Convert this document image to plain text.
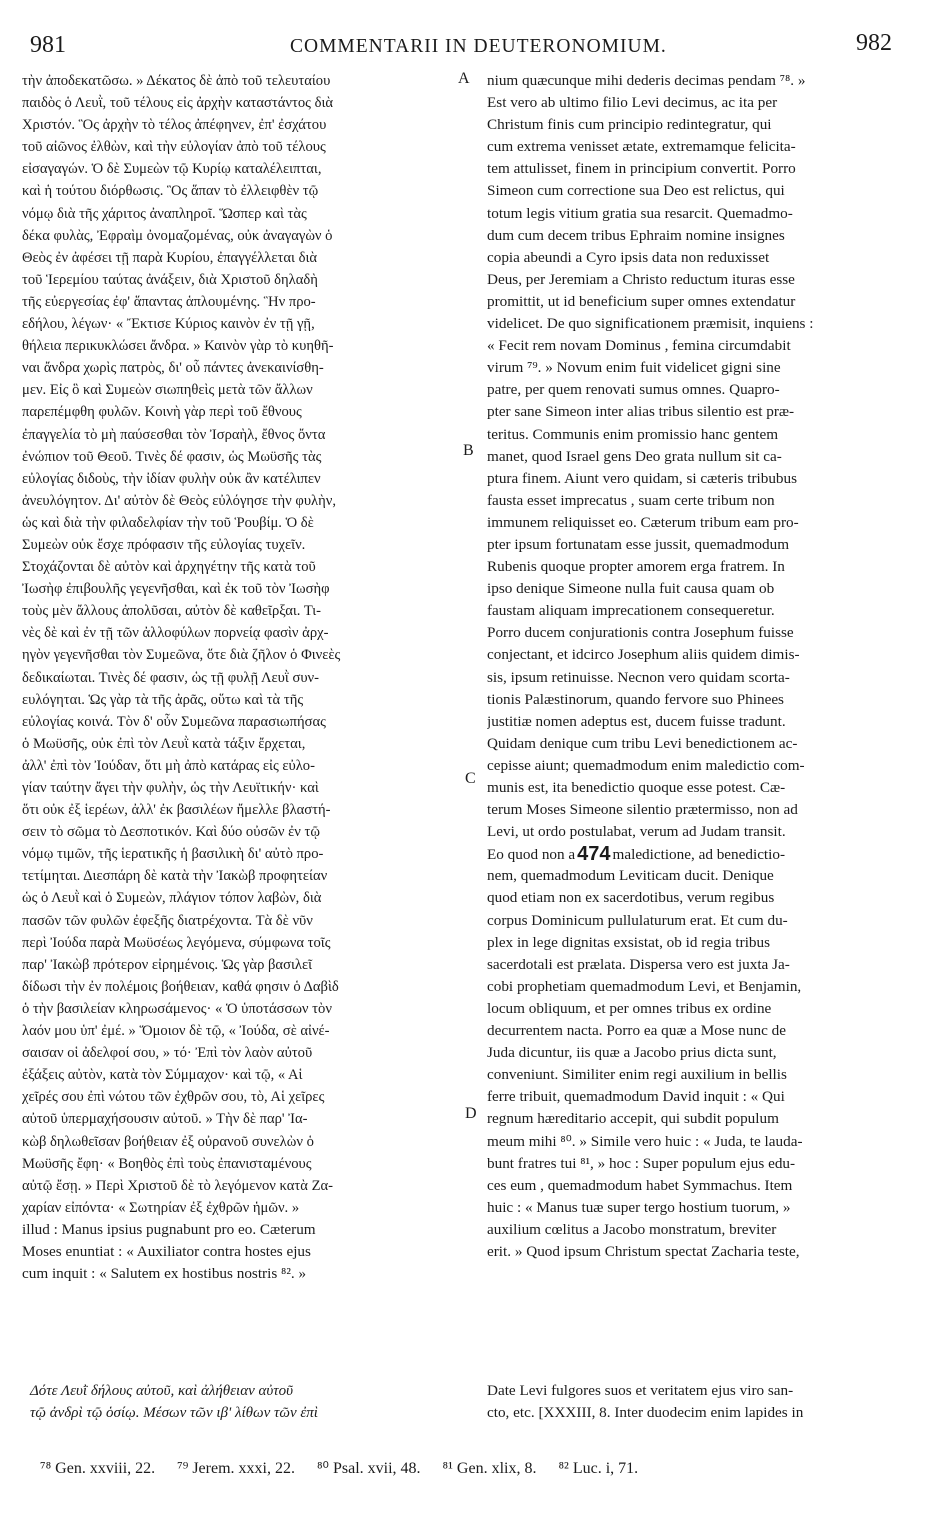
981	COMMENTARII IN DEUTERONOMIUM.	982
τὴν ἀποδεκατῶσω. » Δέκατος δὲ ἀπὸ τοῦ τελευταίου
παιδὸς ὁ Λευῒ, τοῦ τέλους εἰς ἀρχὴν καταστάντος διὰ
Χριστόν. Ὃς ἀρχὴν τὸ τέλος ἀπέφηνεν, ἐπ' ἐσχάτου
τοῦ αἰῶνος ἐλθὼν, καὶ τὴν εὐλογίαν ἀπὸ τοῦ τέλους
εἰσαγαγών. Ὁ δὲ Συμεὼν τῷ Κυρίῳ καταλέλειπται,
καὶ ἡ τούτου διόρθωσις. Ὃς ἅπαν τὸ ἐλλειφθὲν τῷ
νόμῳ διὰ τῆς χάριτος ἀναπληροῖ. Ὥσπερ καὶ τὰς
δέκα φυλὰς, Ἐφραὶμ ὀνομαζομένας, οὐκ ἀναγαγὼν ὁ
Θεὸς ἐν ἀφέσει τῇ παρὰ Κυρίου, ἐπαγγέλλεται διὰ
τοῦ Ἱερεμίου ταύτας ἀνάξειν, διὰ Χριστοῦ δηλαδὴ
τῆς εὐεργεσίας ἐφ' ἅπαντας ἁπλουμένης. Ἣν προ-
εδήλου, λέγων· « Ἔκτισε Κύριος καινὸν ἐν τῇ γῇ,
θήλεια περικυκλώσει ἄνδρα. » Καινὸν γὰρ τὸ κυηθῆ-
ναι ἄνδρα χωρὶς πατρὸς, δι' οὗ πάντες ἀνεκαινίσθη-
μεν. Εἰς ὃ καὶ Συμεὼν σιωπηθεὶς μετὰ τῶν ἄλλων
παρεπέμφθη φυλῶν. Κοινὴ γὰρ περὶ τοῦ ἔθνους
ἐπαγγελία τὸ μὴ παύσεσθαι τὸν Ἰσραὴλ, ἔθνος ὄντα
ἐνώπιον τοῦ Θεοῦ. Τινὲς δέ φασιν, ὡς Μωϋσῆς τὰς
εὐλογίας διδοὺς, τὴν ἰδίαν φυλὴν οὐκ ἂν κατέλιπεν
ἀνευλόγητον. Δι' αὐτὸν δὲ Θεὸς εὐλόγησε τὴν φυλὴν,
ὡς καὶ διὰ τὴν φιλαδελφίαν τὴν τοῦ Ῥουβίμ. Ὁ δὲ
Συμεὼν οὐκ ἔσχε πρόφασιν τῆς εὐλογίας τυχεῖν.
Στοχάζονται δὲ αὐτὸν καὶ ἀρχηγέτην τῆς κατὰ τοῦ
Ἰωσὴφ ἐπιβουλῆς γεγενῆσθαι, καὶ ἐκ τοῦ τὸν Ἰωσὴφ
τοὺς μὲν ἄλλους ἀπολῦσαι, αὐτὸν δὲ καθεῖρξαι. Τι-
νὲς δὲ καὶ ἐν τῇ τῶν ἀλλοφύλων πορνείᾳ φασὶν ἀρχ-
ηγὸν γεγενῆσθαι τὸν Συμεῶνα, ὅτε διὰ ζῆλον ὁ Φινεὲς
δεδικαίωται. Τινὲς δέ φασιν, ὡς τῇ φυλῇ Λευῒ συν-
ευλόγηται. Ὡς γὰρ τὰ τῆς ἀρᾶς, οὕτω καὶ τὰ τῆς
εὐλογίας κοινά. Τὸν δ' οὖν Συμεῶνα παρασιωπήσας
ὁ Μωϋσῆς, οὐκ ἐπὶ τὸν Λευῒ κατὰ τάξιν ἔρχεται,
ἀλλ' ἐπὶ τὸν Ἰούδαν, ὅτι μὴ ἀπὸ κατάρας εἰς εὐλο-
γίαν ταύτην ἄγει τὴν φυλὴν, ὡς τὴν Λευϊτικήν· καὶ
ὅτι οὐκ ἐξ ἱερέων, ἀλλ' ἐκ βασιλέων ἤμελλε βλαστή-
σειν τὸ σῶμα τὸ Δεσποτικόν. Καὶ δύο οὐσῶν ἐν τῷ
νόμῳ τιμῶν, τῆς ἱερατικῆς ἡ βασιλικὴ δι' αὐτὸ προ-
τετίμηται. Διεσπάρη δὲ κατὰ τὴν Ἰακὼβ προφητείαν
ὡς ὁ Λευῒ καὶ ὁ Συμεὼν, πλάγιον τόπον λαβὼν, διὰ
πασῶν τῶν φυλῶν ἐφεξῆς διατρέχοντα. Τὰ δὲ νῦν
περὶ Ἰούδα παρὰ Μωϋσέως λεγόμενα, σύμφωνα τοῖς
παρ' Ἰακὼβ πρότερον εἰρημένοις. Ὡς γὰρ βασιλεῖ
δίδωσι τὴν ἐν πολέμοις βοήθειαν, καθά φησιν ὁ Δαβὶδ
ὁ τὴν βασιλείαν κληρωσάμενος· « Ὁ ὑποτάσσων τὸν
λαόν μου ὑπ' ἐμέ. » Ὅμοιον δὲ τῷ, « Ἰούδα, σὲ αἰνέ-
σαισαν οἱ ἀδελφοί σου, » τό· Ἐπὶ τὸν λαὸν αὐτοῦ
ἐξάξεις αὐτὸν, κατὰ τὸν Σύμμαχον· καὶ τῷ, « Αἱ
χεῖρές σου ἐπὶ νώτου τῶν ἐχθρῶν σου, τὸ, Αἱ χεῖρες
αὐτοῦ ὑπερμαχήσουσιν αὐτοῦ. » Τὴν δὲ παρ' Ἰα-
κὼβ δηλωθεῖσαν βοήθειαν ἐξ οὐρανοῦ συνελὼν ὁ
Μωϋσῆς ἔφη· « Βοηθὸς ἐπὶ τοὺς ἐπανισταμένους
αὐτῷ ἔσῃ. » Περὶ Χριστοῦ δὲ τὸ λεγόμενον κατὰ Ζα-
χαρίαν εἰπόντα· « Σωτηρίαν ἐξ ἐχθρῶν ἡμῶν. »
illud : Manus ipsius pugnabunt pro eo. Cæterum
Moses enuntiat : « Auxiliator contra hostes ejus
cum inquit : « Salutem ex hostibus nostris ⁸². »
A
B
C
D
nium quæcunque mihi dederis decimas pendam ⁷⁸. »
Est vero ab ultimo filio Levi decimus, ac ita per
Christum finis cum principio redintegratur, qui
cum extrema venisset ætate, extremamque felicita-
tem attulisset, finem in principium convertit. Porro
Simeon cum correctione sua Deo est relictus, qui
totum legis vitium gratia sua resarcit. Quemadmo-
dum cum decem tribus Ephraim nomine insignes
copia abeundi a Cyro ipsis data non reduxisset
Deus, per Jeremiam a Christo reductum ituras esse
promittit, ut id beneficium super omnes extendatur
videlicet. De quo significationem præmisit, inquiens :
« Fecit rem novam Dominus , femina circumdabit
virum ⁷⁹. » Novum enim fuit videlicet gigni sine
patre, per quem renovati sumus omnes. Quapro-
pter sane Simeon inter alias tribus silentio est præ-
teritus. Communis enim promissio hanc gentem
manet, quod Israel gens Deo grata nullum sit ca-
ptura finem. Aiunt vero quidam, si cæteris tribubus
fausta esset imprecatus , suam certe tribum non
immunem reliquisset eo. Cæterum tribum eam pro-
pter ipsum fortunatam esse jussit, quemadmodum
Rubenis quoque propter amorem erga fratrem. In
ipso denique Simeone nulla fuit causa quam ob
faustam aliquam imprecationem consequeretur.
Porro ducem conjurationis contra Josephum fuisse
conjectant, et idcirco Josephum aliis quidem dimis-
sis, ipsum retinuisse. Necnon vero quidam scorta-
tionis Palæstinorum, quando fervore suo Phinees
justitiæ nomen adeptus est, ducem fuisse tradunt.
Quidam denique cum tribu Levi benedictionem ac-
cepisse aiunt; quemadmodum enim maledictio com-
munis est, ita benedictio quoque esse potest. Cæ-
terum Moses Simeone silentio prætermisso, non ad
Levi, ut ordo postulabat, verum ad Judam transit.
Eo quod non a 474 maledictione, ad benedictio-
nem, quemadmodum Leviticam ducit. Denique
quod etiam non ex sacerdotibus, verum regibus
corpus Dominicum pullulaturum erat. Et cum du-
plex in lege dignitas exsistat, ob id regia tribus
sacerdotali est prælata. Dispersa vero est juxta Ja-
cobi prophetiam quemadmodum Levi, et Benjamin,
locum obliquum, et per omnes tribus ex ordine
decurrentem nacta. Porro ea quæ a Mose nunc de
Juda dicuntur, iis quæ a Jacobo prius dicta sunt,
conveniunt. Similiter enim regi auxilium in bellis
ferre tribuit, quemadmodum David inquit : « Qui
regnum hæreditario accepit, qui subdit populum
meum mihi ⁸⁰. » Simile vero huic : « Juda, te lauda-
bunt fratres tui ⁸¹, » hoc : Super populum ejus edu-
ces eum , quemadmodum habet Symmachus. Item
huic : « Manus tuæ super tergo hostium tuorum, »
auxilium cœlitus a Jacobo monstratum, breviter
erit. » Quod ipsum Christum spectat Zacharia teste,
Δότε Λευῒ δήλους αὐτοῦ, καὶ ἀλήθειαν αὐτοῦ
τῷ ἀνδρὶ τῷ ὁσίῳ. Μέσων τῶν ιβ' λίθων τῶν ἐπὶ
Date Levi fulgores suos et veritatem ejus viro san-
cto, etc. [XXXIII, 8. Inter duodecim enim lapides in
⁷⁸ Gen. xxviii, 22. ⁷⁹ Jerem. xxxi, 22. ⁸⁰ Psal. xvii, 48. ⁸¹ Gen. xlix, 8. ⁸² Luc. i, 71.
